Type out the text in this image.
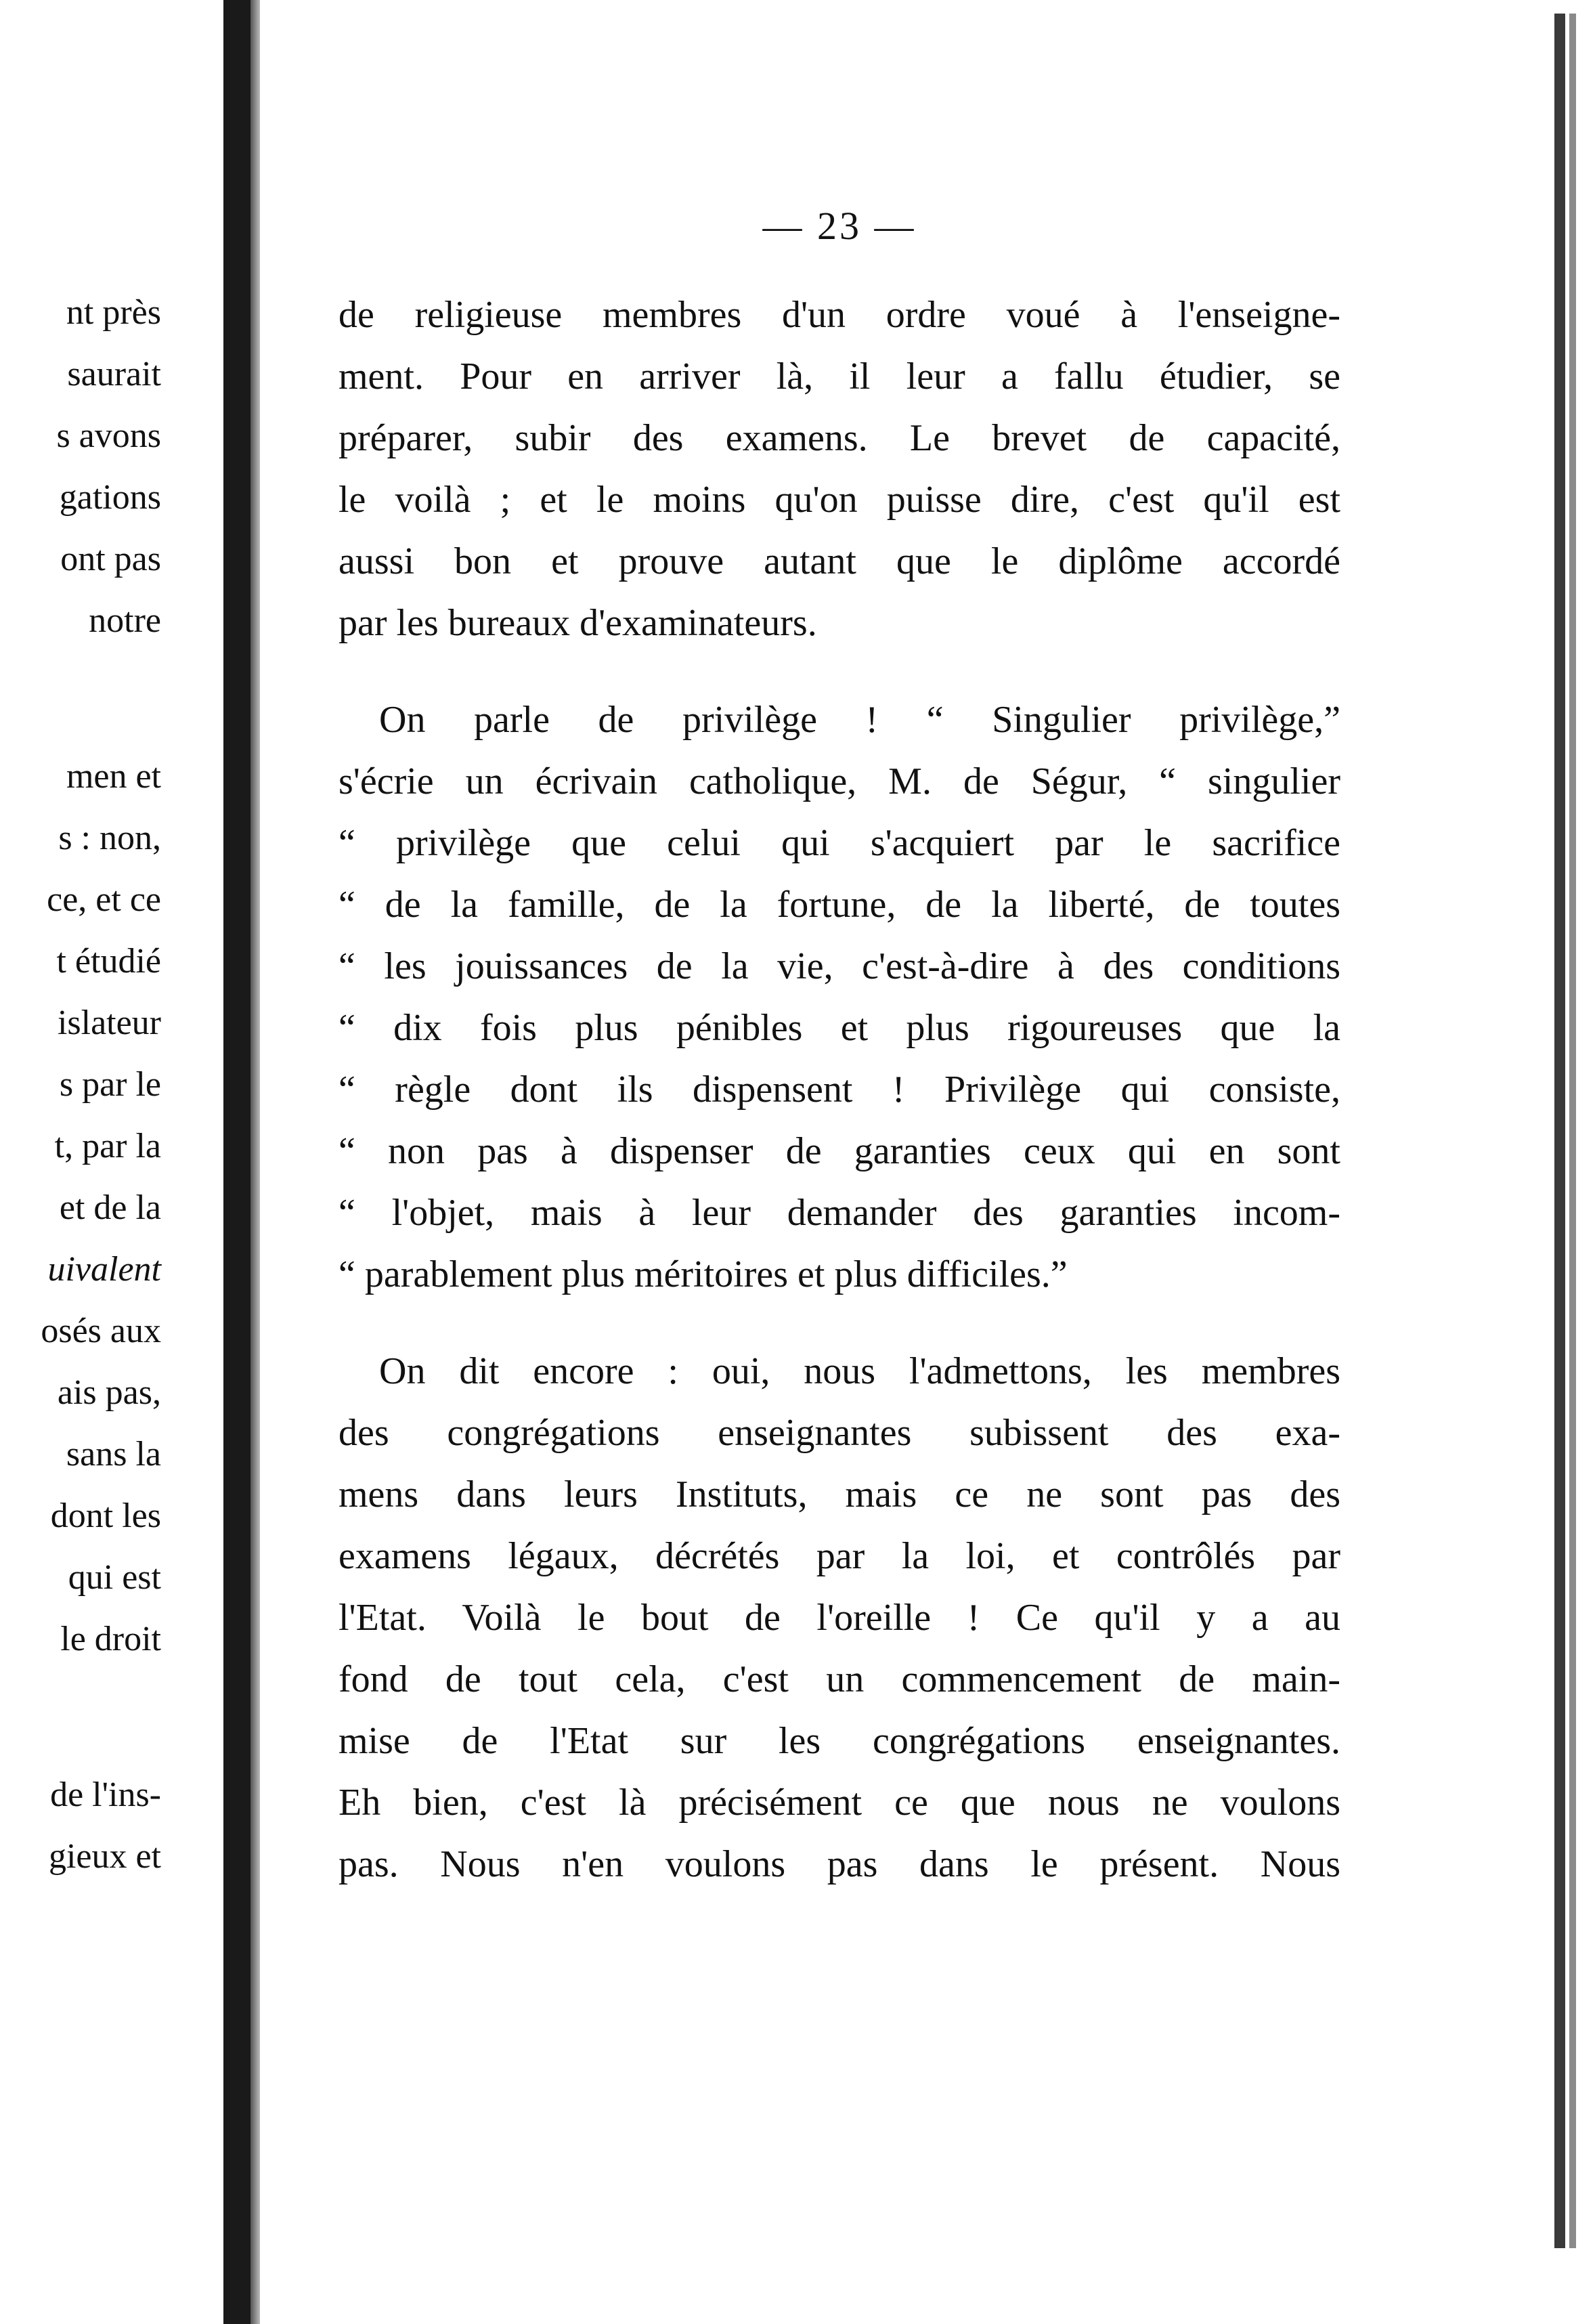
nt près
saurait
s avons
gations
ont pas
notre
men et
s : non,
ce, et ce
t étudié
islateur
s par le
t, par la
et de la
uivalent
osés aux
ais pas,
sans la
dont les
qui est
le droit
de l'ins-
gieux et
— 23 —
de religieuse membres d'un ordre voué à l'enseigne-
ment. Pour en arriver là, il leur a fallu étudier, se
préparer, subir des examens. Le brevet de capacité,
le voilà ; et le moins qu'on puisse dire, c'est qu'il est
aussi bon et prouve autant que le diplôme accordé
par les bureaux d'examinateurs.
On parle de privilège ! “ Singulier privilège,”
s'écrie un écrivain catholique, M. de Ségur, “ singulier
“ privilège que celui qui s'acquiert par le sacrifice
“ de la famille, de la fortune, de la liberté, de toutes
“ les jouissances de la vie, c'est-à-dire à des conditions
“ dix fois plus pénibles et plus rigoureuses que la
“ règle dont ils dispensent ! Privilège qui consiste,
“ non pas à dispenser de garanties ceux qui en sont
“ l'objet, mais à leur demander des garanties incom-
“ parablement plus méritoires et plus difficiles.”
On dit encore : oui, nous l'admettons, les membres
des congrégations enseignantes subissent des exa-
mens dans leurs Instituts, mais ce ne sont pas des
examens légaux, décrétés par la loi, et contrôlés par
l'Etat. Voilà le bout de l'oreille ! Ce qu'il y a au
fond de tout cela, c'est un commencement de main-
mise de l'Etat sur les congrégations enseignantes.
Eh bien, c'est là précisément ce que nous ne voulons
pas. Nous n'en voulons pas dans le présent. Nous
